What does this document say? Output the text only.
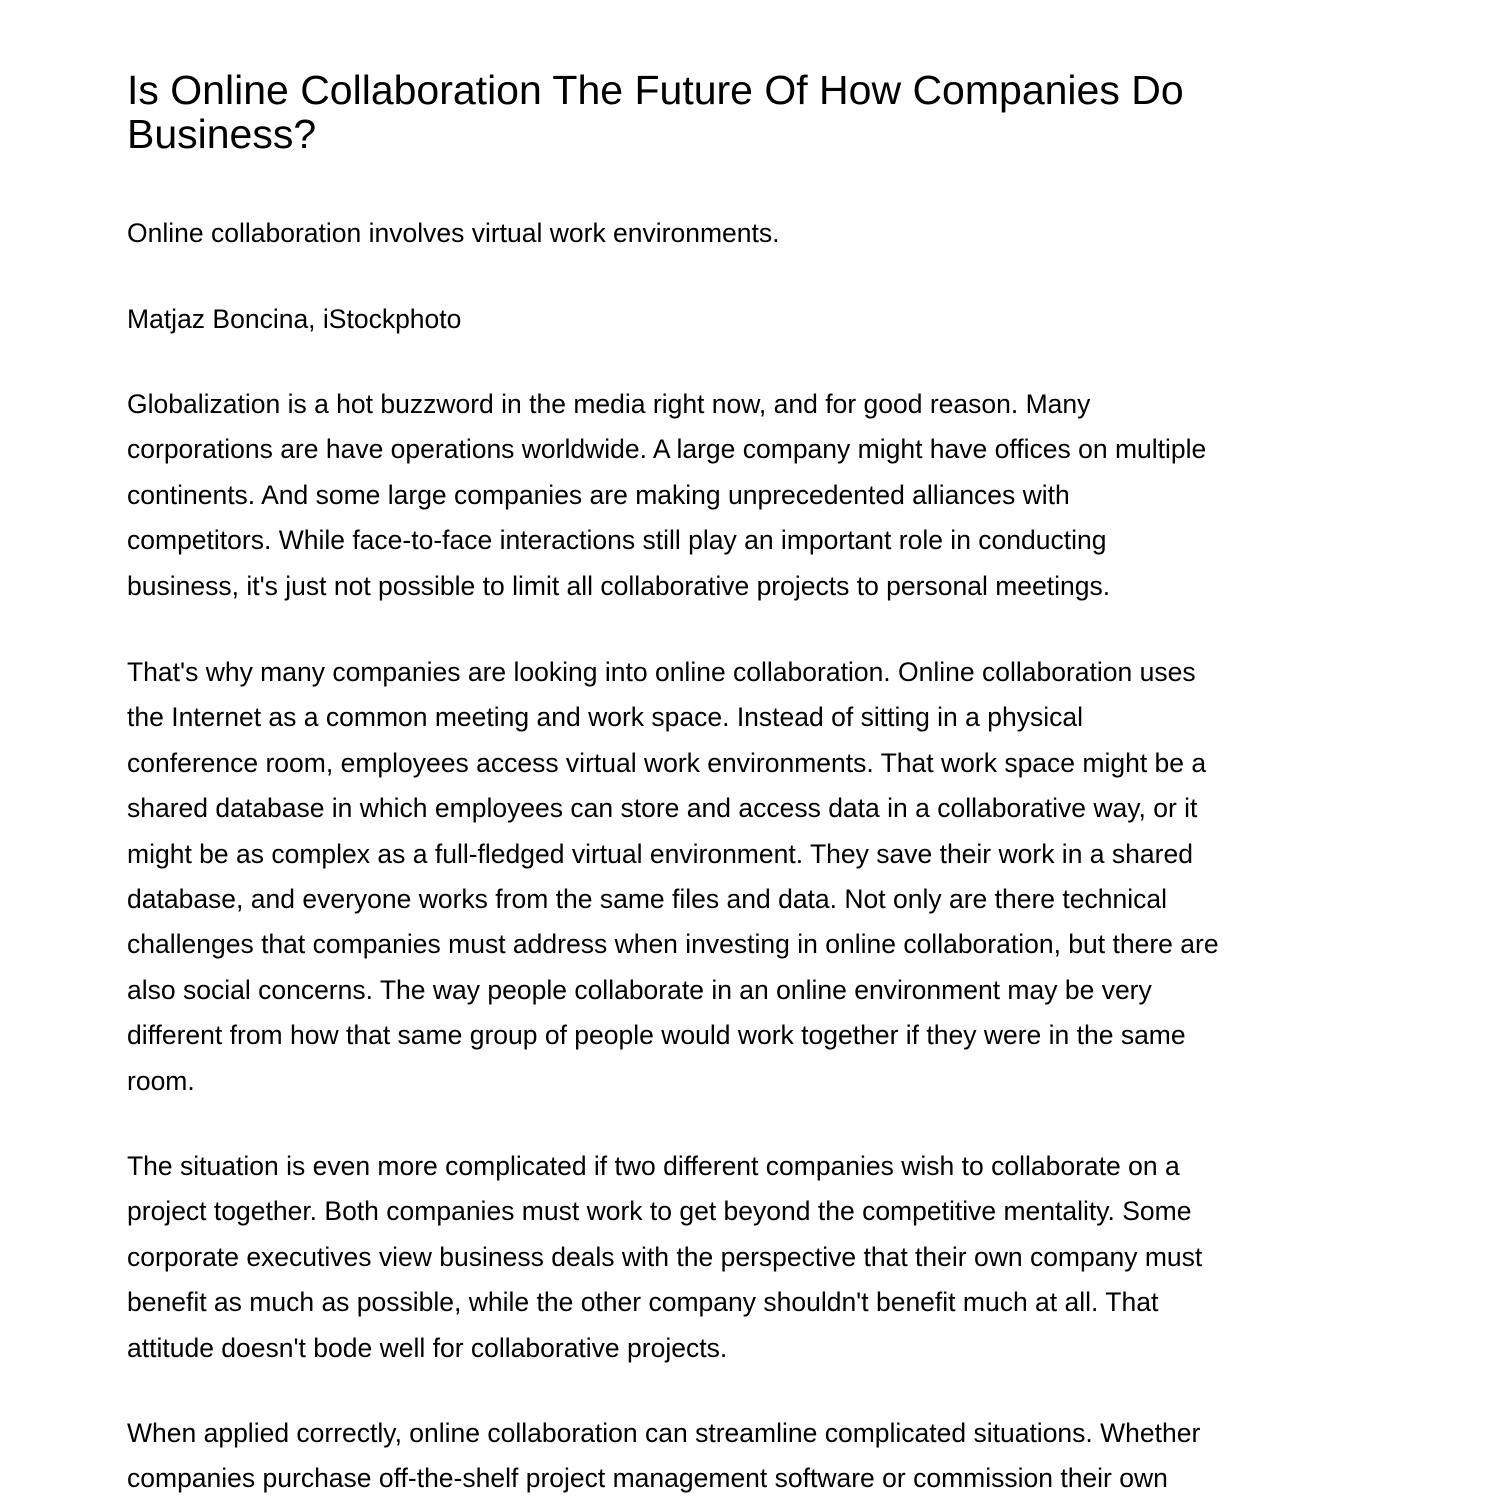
Is Online Collaboration The Future Of How Companies Do
Business?

Online collaboration involves virtual work environments.

Matjaz Boncina, iStockphoto

Globalization is a hot buzzword in the media right now, and for good reason. Many
corporations are have operations worldwide. A large company might have offices on multiple
continents. And some large companies are making unprecedented alliances with
competitors. While face-to-face interactions still play an important role in conducting
business, it's just not possible to limit all collaborative projects to personal meetings.
That's why many companies are looking into online collaboration. Online collaboration uses
the Internet as a common meeting and work space. Instead of sitting in a physical
conference room, employees access virtual work environments. That work space might be a
shared database in which employees can store and access data in a collaborative way, or it
might be as complex as a full-fledged virtual environment. They save their work in a shared
database, and everyone works from the same files and data. Not only are there technical
challenges that companies must address when investing in online collaboration, but there are
also social concerns. The way people collaborate in an online environment may be very
different from how that same group of people would work together if they were in the same
room.
The situation is even more complicated if two different companies wish to collaborate on a
project together. Both companies must work to get beyond the competitive mentality. Some
corporate executives view business deals with the perspective that their own company must
benefit as much as possible, while the other company shouldn't benefit much at all. That
attitude doesn't bode well for collaborative projects.
When applied correctly, online collaboration can streamline complicated situations. Whether
companies purchase off-the-shelf project management software or commission their own
